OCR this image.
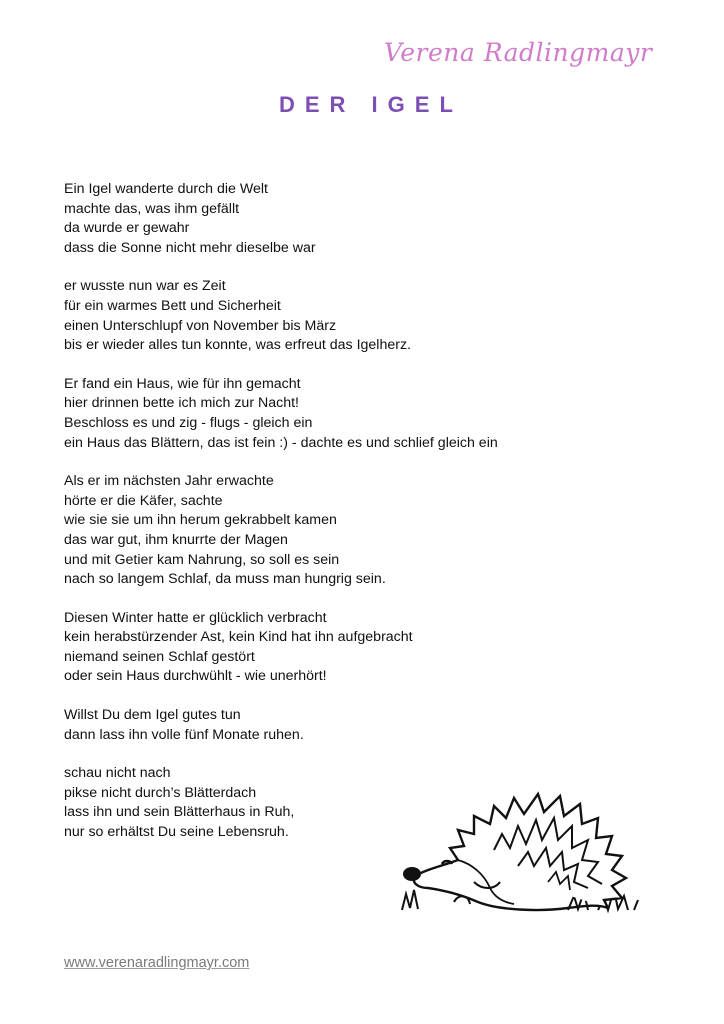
Verena Radlingmayr
DER IGEL
Ein Igel wanderte durch die Welt
machte das, was ihm gefällt
da wurde er gewahr
dass die Sonne nicht mehr dieselbe war
er wusste nun war es Zeit
für ein warmes Bett und Sicherheit
einen Unterschlupf von November bis März
bis er wieder alles tun konnte, was erfreut das Igelherz.
Er fand ein Haus, wie für ihn gemacht
hier drinnen bette ich mich zur Nacht!
Beschloss es und zig - flugs - gleich ein
ein Haus das Blättern, das ist fein :) - dachte es und schlief gleich ein
Als er im nächsten Jahr erwachte
hörte er die Käfer, sachte
wie sie sie um ihn herum gekrabbelt kamen
das war gut, ihm knurrte der Magen
und mit Getier kam Nahrung, so soll es sein
nach so langem Schlaf, da muss man hungrig sein.
Diesen Winter hatte er glücklich verbracht
kein herabstürzender Ast, kein Kind hat ihn aufgebracht
niemand seinen Schlaf gestört
oder sein Haus durchwühlt - wie unerhört!
Willst Du dem Igel gutes tun
dann lass ihn volle fünf Monate ruhen.
schau nicht nach
pikse nicht durch’s Blätterdach
lass ihn und sein Blätterhaus in Ruh,
nur so erhältst Du seine Lebensruh.
www.verenaradlingmayr.com
